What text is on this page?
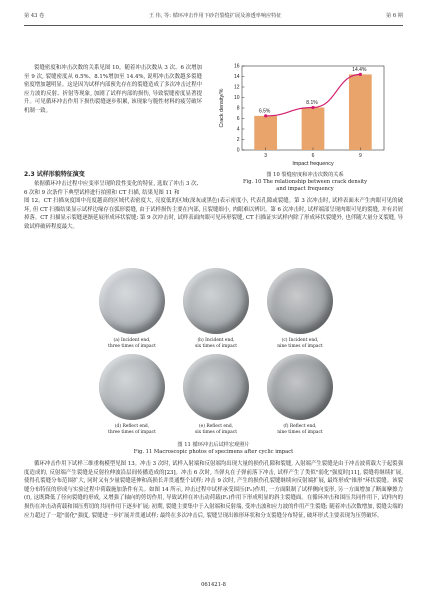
第 43 卷	王 伟, 等: 循环冲击作用下砂岩裂缝扩展及渗透率响应特征	第 6 期

裂缝密度和冲击次数的关系见图 10。随着冲击次数从 3 次、6 次增加至 9 次, 裂缝密度从 6.5%、8.1%增加至 14.4%, 说明冲击次数越多裂缝密度增加越明显。这是因为试样内部预先存在的裂缝造成了多次冲击过程中应力波的反射、折射等现象, 加剧了试样内部的损伤, 导致裂缝密度显著提升。可见循环冲击作用下损伤裂缝逐步积累, 该现象与脆性材料的疲劳破坏机制一致。

2.3 试样形貌特征演变

依据循环冲击过程中应变率呈现阶段性变化的特征, 选取了冲击 3 次、6 次和 9 次条件下典型试样进行拍照和 CT 扫描, 结果见图 11 和

0
2
4
6
8
10
12
14
16
3	6	9
6.5%
8.1%
14.4%
Impact frequency
Crack density/%
图 10 裂缝密度和冲击次数的关系
Fig. 10 The relationship between crack density
and impact frequency

图 12。CT 扫描灰度图中亮度越高的区域代表密度大, 亮度低的区域(深灰或黑色)表示密度小, 代表孔隙或裂缝。第 3 次冲击时, 试样表面未产生肉眼可见的破坏, 但 CT 扫描结果显示试样边缘存在弧形裂缝, 由于试样损伤主要在内部, 且裂缝细小, 肉眼难以辨识。第 6 次冲击时, 试样端部呈现肉眼可见的裂缝, 并有岩屑掉落。CT 扫描显示裂缝逐渐延展形成环状裂缝; 第 9 次冲击时, 试样表面肉眼可见环形裂缝, CT 扫描证实试样内除了形成环状裂缝外, 也伴随大量分叉裂缝, 导致试样破碎程度最大。

(a) Incident end,
three times of impact
(b) Incident end,
six times of impact
(c) Incident end,
nine times of impact
(d) Reflect end,
three times of impact
(e) Reflect end,
six times of impact
(f) Reflect end,
nine times of impact
图 11 循环冲击后试样宏观照片
Fig. 11 Macroscopic photos of specimens after cyclic impact

循环冲击作用下试样三维重构模型见图 13。冲击 3 次时, 试样入射端和反射端均出现大量的损伤孔隙和裂缝, 入射端产生裂缝是由于冲击波荷载大于起裂强度造成的, 反射端产生裂缝是反射拉伸波沿层间传播造成的[23]。冲击 6 次时, 当弹丸在子弹前落下冲击, 试样产生了类似"弱化"强度时[11], 裂缝将继续扩展, 使得孔裂缝分布范围扩大, 同时又有少量裂缝延伸和高损长并贯通整个试样; 冲击 9 次时, 产生的损伤孔裂缝继续向反射端扩展, 最终形成"锥形"环状裂缝。该裂缝分布特征的形成与实验过程中荷载施加条件有关。如图 14 所示, 冲击过程中试样承受围压(Fₙ)作用, 一方面限制了试样侧向变形, 另一方面增加了断面摩擦力(f), 这既降低了径向裂缝的形成, 又增强了轴向的剪切作用, 导致试样在冲击动荷载(Fₛ)作用下形成明显的斜主裂缝面。在循环冲击和围压共同作用下, 试样内的损伤在冲击动荷载和围压剪切的共同作用下逐步扩展; 初期, 裂缝主要集中于入射端和反射端, 受冲击波和应力波的作用产生裂缝; 随着冲击次数增加, 裂缝尖端的应力超过了一超"弱化"强度, 裂缝进一步扩展并贯通试样; 最终在多次冲击后, 裂缝呈现出锥形环状和分支裂缝分布特征, 破坏形式主要表现为压剪破坏。

061421-8
